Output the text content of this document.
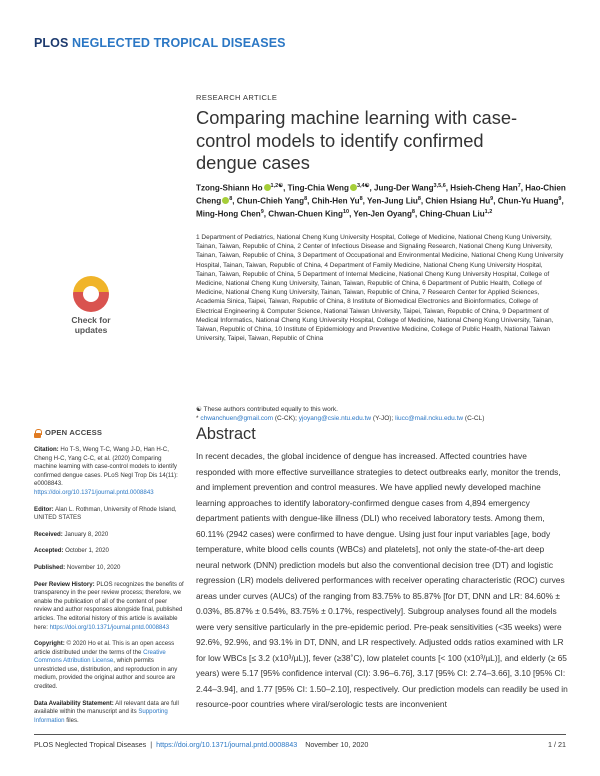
PLOS NEGLECTED TROPICAL DISEASES
Check for
updates
RESEARCH ARTICLE
Comparing machine learning with case-control models to identify confirmed dengue cases
Tzong-Shiann Ho $^{1,2☯}$, Ting-Chia Weng $^{3,4☯}$, Jung-Der Wang$^{3,5,6}$, Hsieh-Cheng Han$^7$, Hao-Chien Cheng $^8$, Chun-Chieh Yang$^8$, Chih-Hen Yu$^8$, Yen-Jung Liu$^8$, Chien Hsiang Hu$^9$, Chun-Yu Huang$^9$, Ming-Hong Chen$^9$, Chwan-Chuen King$^{10}$, Yen-Jen Oyang$^8$, Ching-Chuan Liu$^{1,2}$
1 Department of Pediatrics, National Cheng Kung University Hospital, College of Medicine, National Cheng Kung University, Tainan, Taiwan, Republic of China, 2 Center of Infectious Disease and Signaling Research, National Cheng Kung University, Tainan, Taiwan, Republic of China, 3 Department of Occupational and Environmental Medicine, National Cheng Kung University Hospital, Tainan, Taiwan, Republic of China, 4 Department of Family Medicine, National Cheng Kung University Hospital, Tainan, Taiwan, Republic of China, 5 Department of Internal Medicine, National Cheng Kung University Hospital, College of Medicine, National Cheng Kung University, Tainan, Taiwan, Republic of China, 6 Department of Public Health, College of Medicine, National Cheng Kung University, Tainan, Taiwan, Republic of China, 7 Research Center for Applied Sciences, Academia Sinica, Taipei, Taiwan, Republic of China, 8 Institute of Biomedical Electronics and Bioinformatics, College of Electrical Engineering & Computer Science, National Taiwan University, Taipei, Taiwan, Republic of China, 9 Department of Medical Informatics, National Cheng Kung University Hospital, College of Medicine, National Cheng Kung University, Tainan, Taiwan, Republic of China, 10 Institute of Epidemiology and Preventive Medicine, College of Public Health, National Taiwan University, Taipei, Taiwan, Republic of China
☯ These authors contributed equally to this work.
* chwanchuen@gmail.com (C-CK); yjoyang@csie.ntu.edu.tw (Y-JO); liucc@mail.ncku.edu.tw (C-CL)
OPEN ACCESS
Citation: Ho T-S, Weng T-C, Wang J-D, Han H-C, Cheng H-C, Yang C-C, et al. (2020) Comparing machine learning with case-control models to identify confirmed dengue cases. PLoS Negl Trop Dis 14(11): e0008843. https://doi.org/10.1371/journal.pntd.0008843
Editor: Alan L. Rothman, University of Rhode Island, UNITED STATES
Received: January 8, 2020
Accepted: October 1, 2020
Published: November 10, 2020
Peer Review History: PLOS recognizes the benefits of transparency in the peer review process; therefore, we enable the publication of all of the content of peer review and author responses alongside final, published articles. The editorial history of this article is available here: https://doi.org/10.1371/journal.pntd.0008843
Copyright: © 2020 Ho et al. This is an open access article distributed under the terms of the Creative Commons Attribution License, which permits unrestricted use, distribution, and reproduction in any medium, provided the original author and source are credited.
Data Availability Statement: All relevant data are full available within the manuscript and its Supporting Information files.
Abstract
In recent decades, the global incidence of dengue has increased. Affected countries have responded with more effective surveillance strategies to detect outbreaks early, monitor the trends, and implement prevention and control measures. We have applied newly developed machine learning approaches to identify laboratory-confirmed dengue cases from 4,894 emergency department patients with dengue-like illness (DLI) who received laboratory tests. Among them, 60.11% (2942 cases) were confirmed to have dengue. Using just four input variables [age, body temperature, white blood cells counts (WBCs) and platelets], not only the state-of-the-art deep neural network (DNN) prediction models but also the conventional decision tree (DT) and logistic regression (LR) models delivered performances with receiver operating characteristic (ROC) curves areas under curves (AUCs) of the ranging from 83.75% to 85.87% [for DT, DNN and LR: 84.60% ± 0.03%, 85.87% ± 0.54%, 83.75% ± 0.17%, respectively]. Subgroup analyses found all the models were very sensitive particularly in the pre-epidemic period. Pre-peak sensitivities (<35 weeks) were 92.6%, 92.9%, and 93.1% in DT, DNN, and LR respectively. Adjusted odds ratios examined with LR for low WBCs [≤ 3.2 (x10³/µL)], fever (≥38˚C), low platelet counts [< 100 (x10³/µL)], and elderly (≥ 65 years) were 5.17 [95% confidence interval (CI): 3.96–6.76], 3.17 [95% CI: 2.74–3.66], 3.10 [95% CI: 2.44–3.94], and 1.77 [95% CI: 1.50–2.10], respectively. Our prediction models can readily be used in resource-poor countries where viral/serologic tests are inconvenient
PLOS Neglected Tropical Diseases  |  https://doi.org/10.1371/journal.pntd.0008843 November 10, 2020	1 / 21
